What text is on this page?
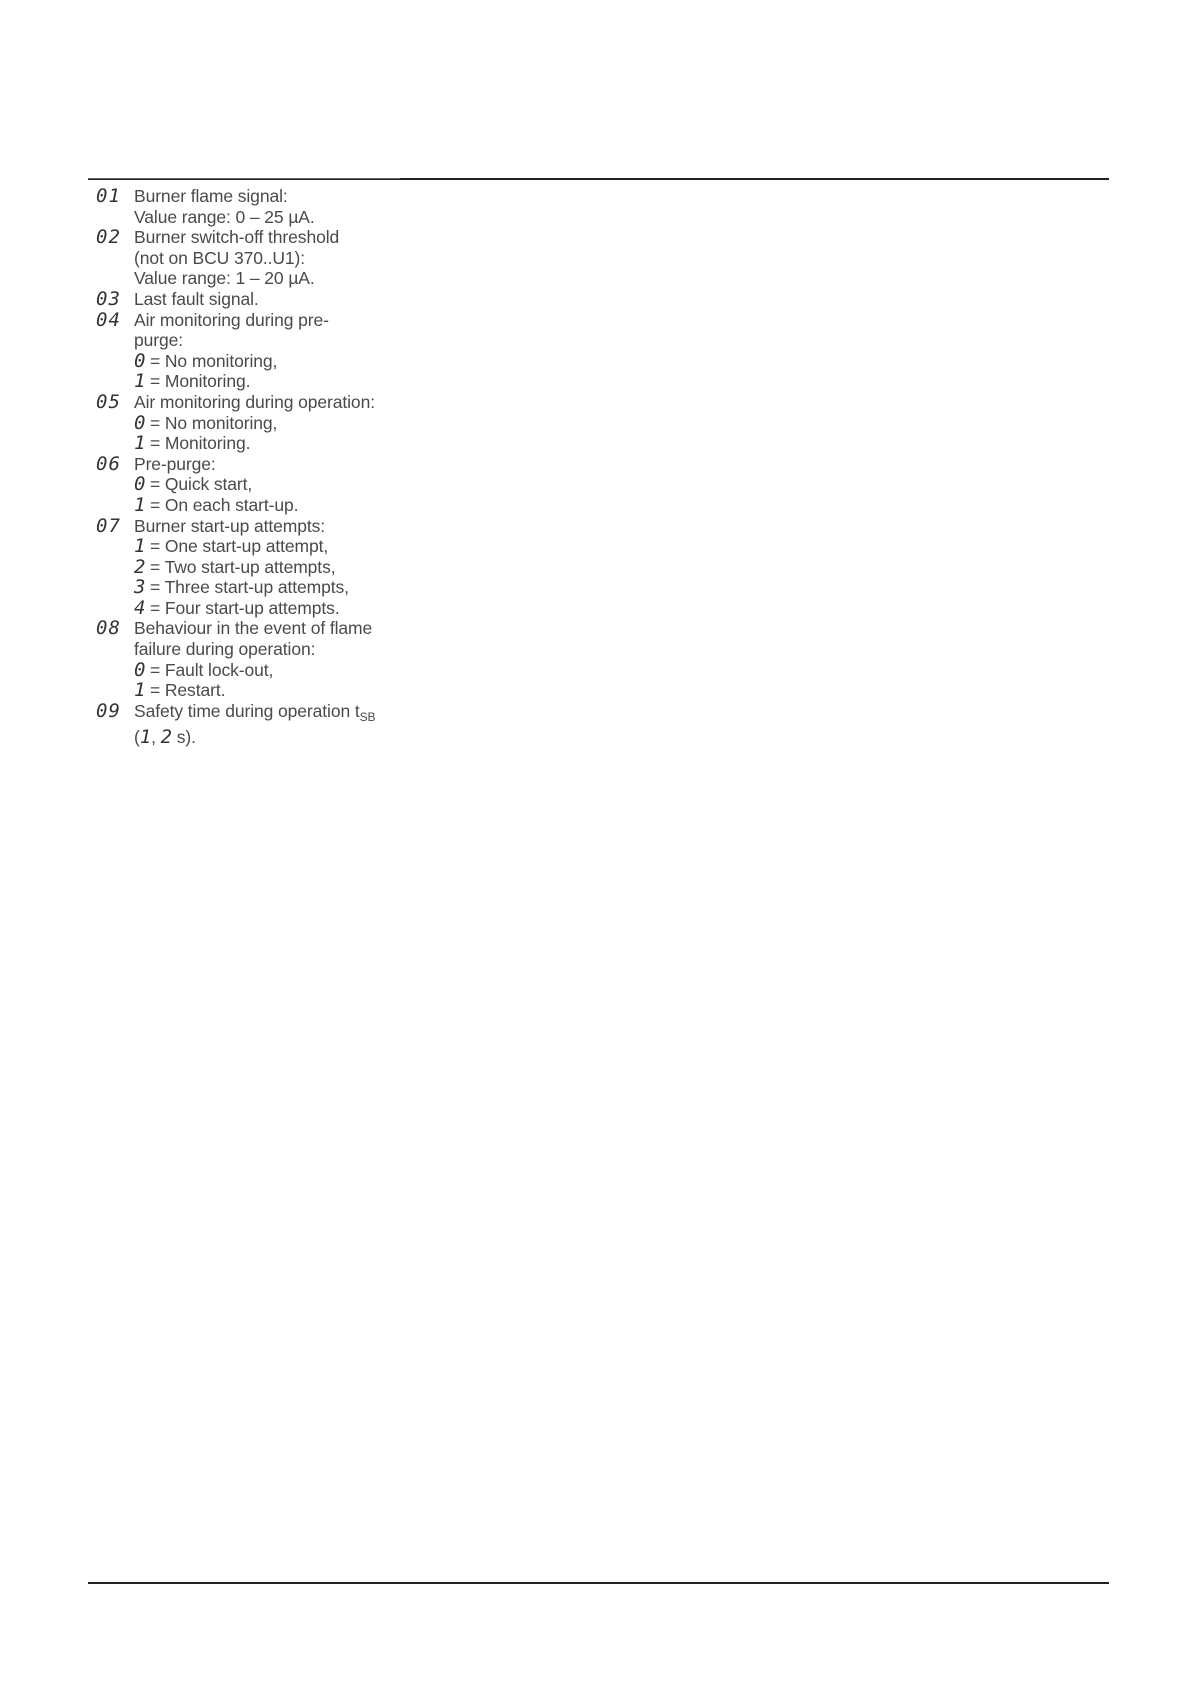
01 Burner flame signal:
Value range: 0 – 25 µA.
02 Burner switch-off threshold
(not on BCU 370..U1):
Value range: 1 – 20 µA.
03 Last fault signal.
04 Air monitoring during pre-
purge:
0 = No monitoring,
1 = Monitoring.
05 Air monitoring during operation:
0 = No monitoring,
1 = Monitoring.
06 Pre-purge:
0 = Quick start,
1 = On each start-up.
07 Burner start-up attempts:
1 = One start-up attempt,
2 = Two start-up attempts,
3 = Three start-up attempts,
4 = Four start-up attempts.
08 Behaviour in the event of flame
failure during operation:
0 = Fault lock-out,
1 = Restart.
09 Safety time during operation $t_{SB}$
(1, 2 s).
